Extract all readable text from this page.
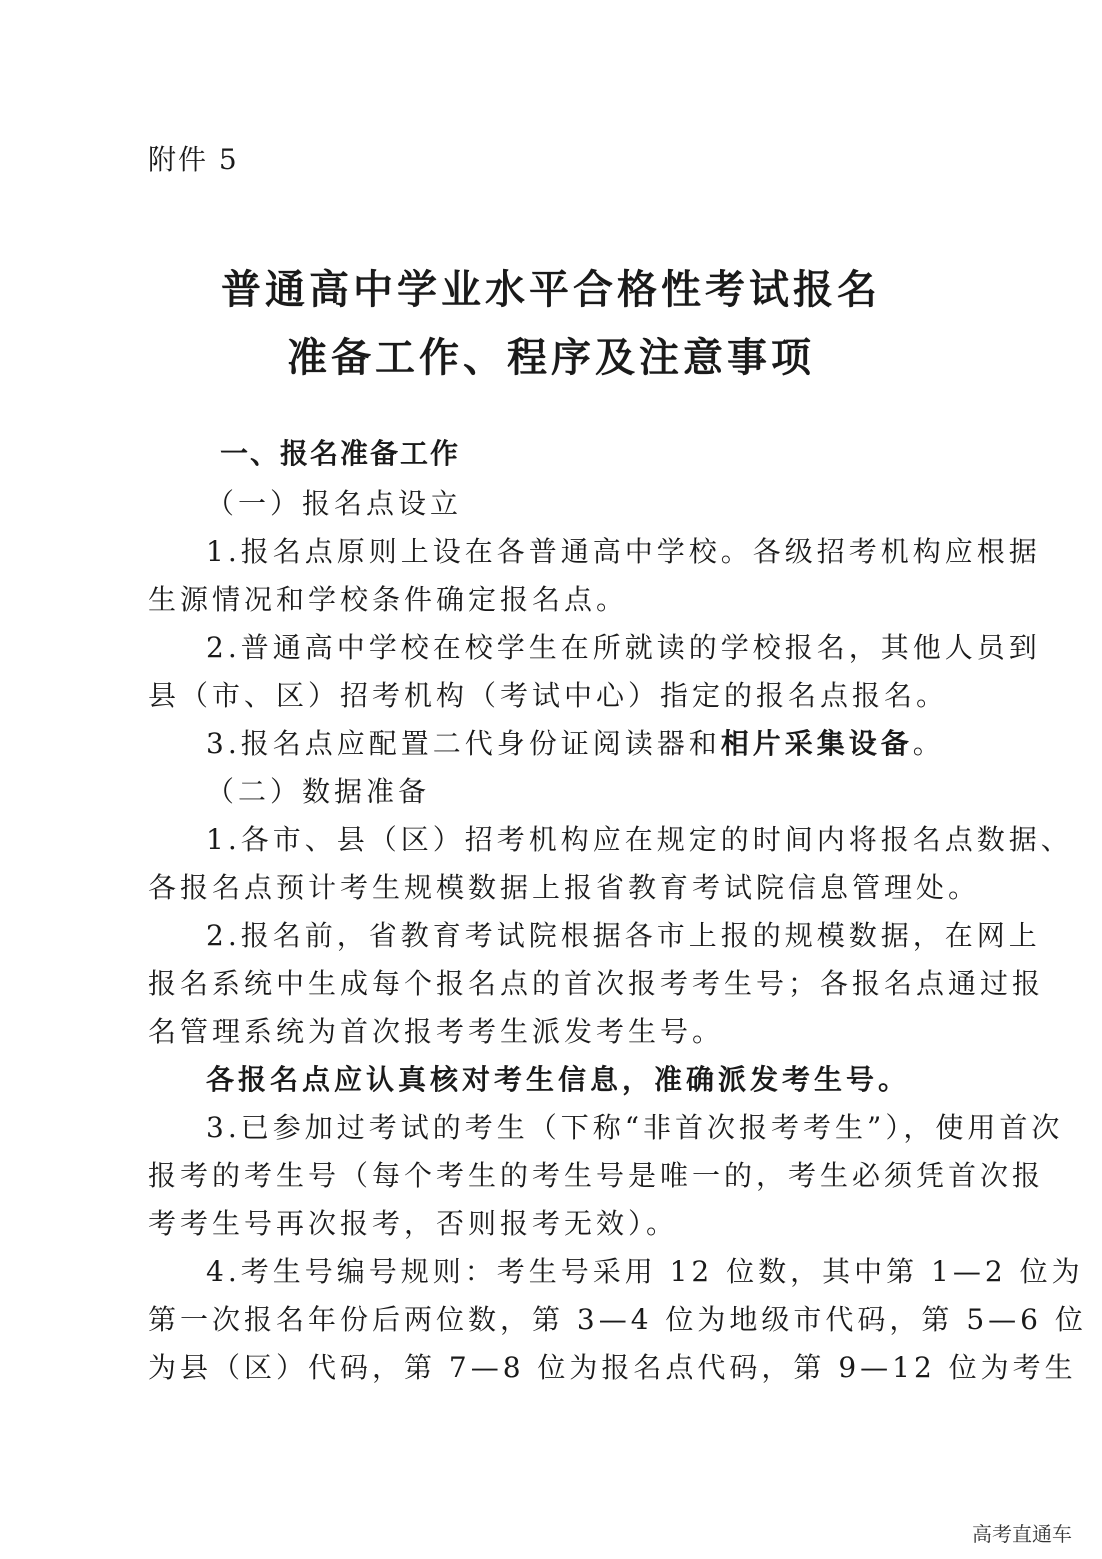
附件 5
普通高中学业水平合格性考试报名
准备工作、程序及注意事项
一、报名准备工作
（一）报名点设立
1.报名点原则上设在各普通高中学校。各级招考机构应根据
生源情况和学校条件确定报名点。
2.普通高中学校在校学生在所就读的学校报名，其他人员到
县（市、区）招考机构（考试中心）指定的报名点报名。
3.报名点应配置二代身份证阅读器和相片采集设备。
（二）数据准备
1.各市、县（区）招考机构应在规定的时间内将报名点数据、
各报名点预计考生规模数据上报省教育考试院信息管理处。
2.报名前，省教育考试院根据各市上报的规模数据，在网上
报名系统中生成每个报名点的首次报考考生号；各报名点通过报
名管理系统为首次报考考生派发考生号。
各报名点应认真核对考生信息，准确派发考生号。
3.已参加过考试的考生（下称“非首次报考考生”），使用首次
报考的考生号（每个考生的考生号是唯一的，考生必须凭首次报
考考生号再次报考，否则报考无效）。
4.考生号编号规则：考生号采用 12 位数，其中第 1—2 位为
第一次报名年份后两位数，第 3—4 位为地级市代码，第 5—6 位
为县（区）代码，第 7—8 位为报名点代码，第 9—12 位为考生
高考直通车
